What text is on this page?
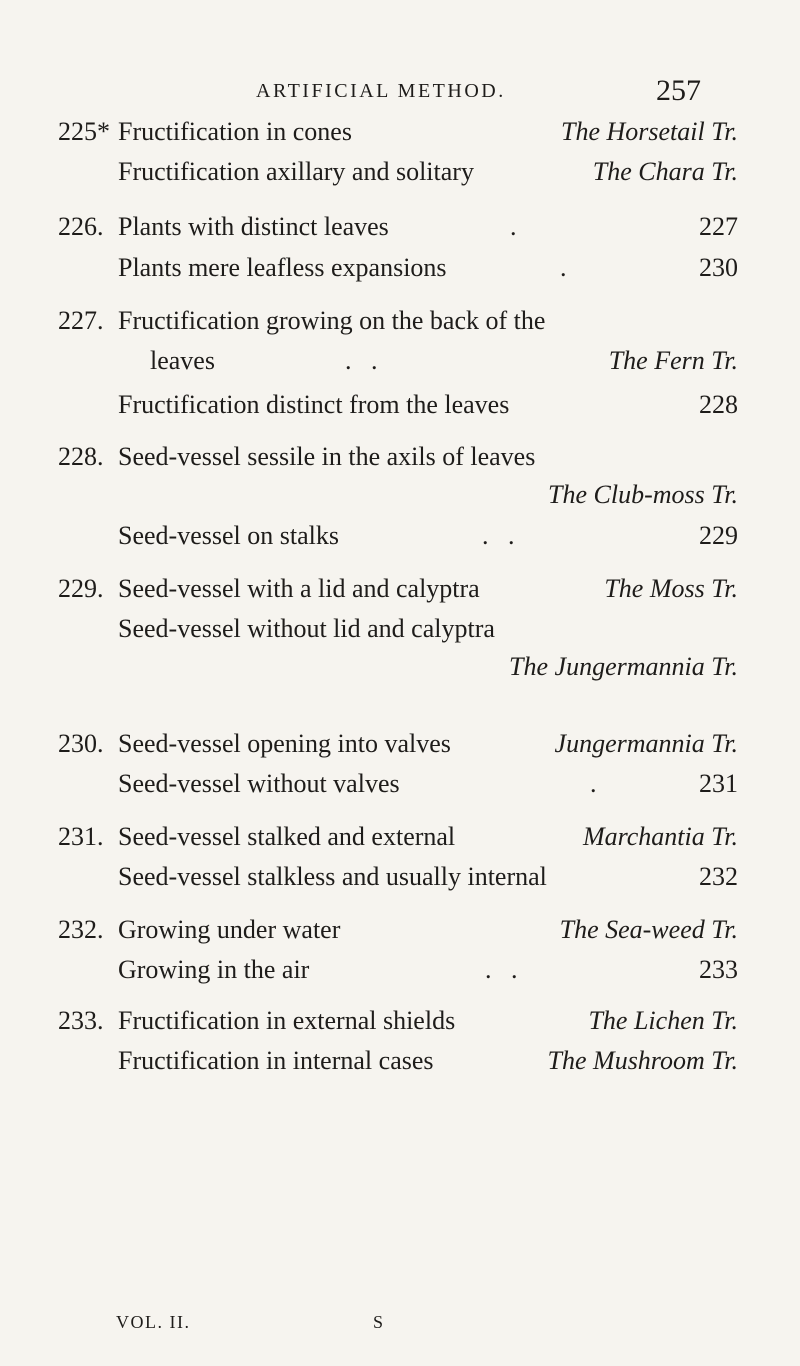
ARTIFICIAL METHOD.	257
225* Fructification in cones	The Horsetail Tr.
Fructification axillary and solitary	The Chara Tr.
226. Plants with distinct leaves	.	227
Plants mere leafless expansions	.	230
227. Fructification growing on the back of the
leaves	.   .	The Fern Tr.
Fructification distinct from the leaves	228
228. Seed-vessel sessile in the axils of leaves
The Club-moss Tr.
Seed-vessel on stalks	.   .	229
229. Seed-vessel with a lid and calyptra	The Moss Tr.
Seed-vessel without lid and calyptra
The Jungermannia Tr.
230. Seed-vessel opening into valves	Jungermannia Tr.
Seed-vessel without valves	.	231
231. Seed-vessel stalked and external	Marchantia Tr.
Seed-vessel stalkless and usually internal	232
232. Growing under water	The Sea-weed Tr.
Growing in the air	.   .	233
233. Fructification in external shields	The Lichen Tr.
Fructification in internal cases	The Mushroom Tr.
VOL. II.	S
